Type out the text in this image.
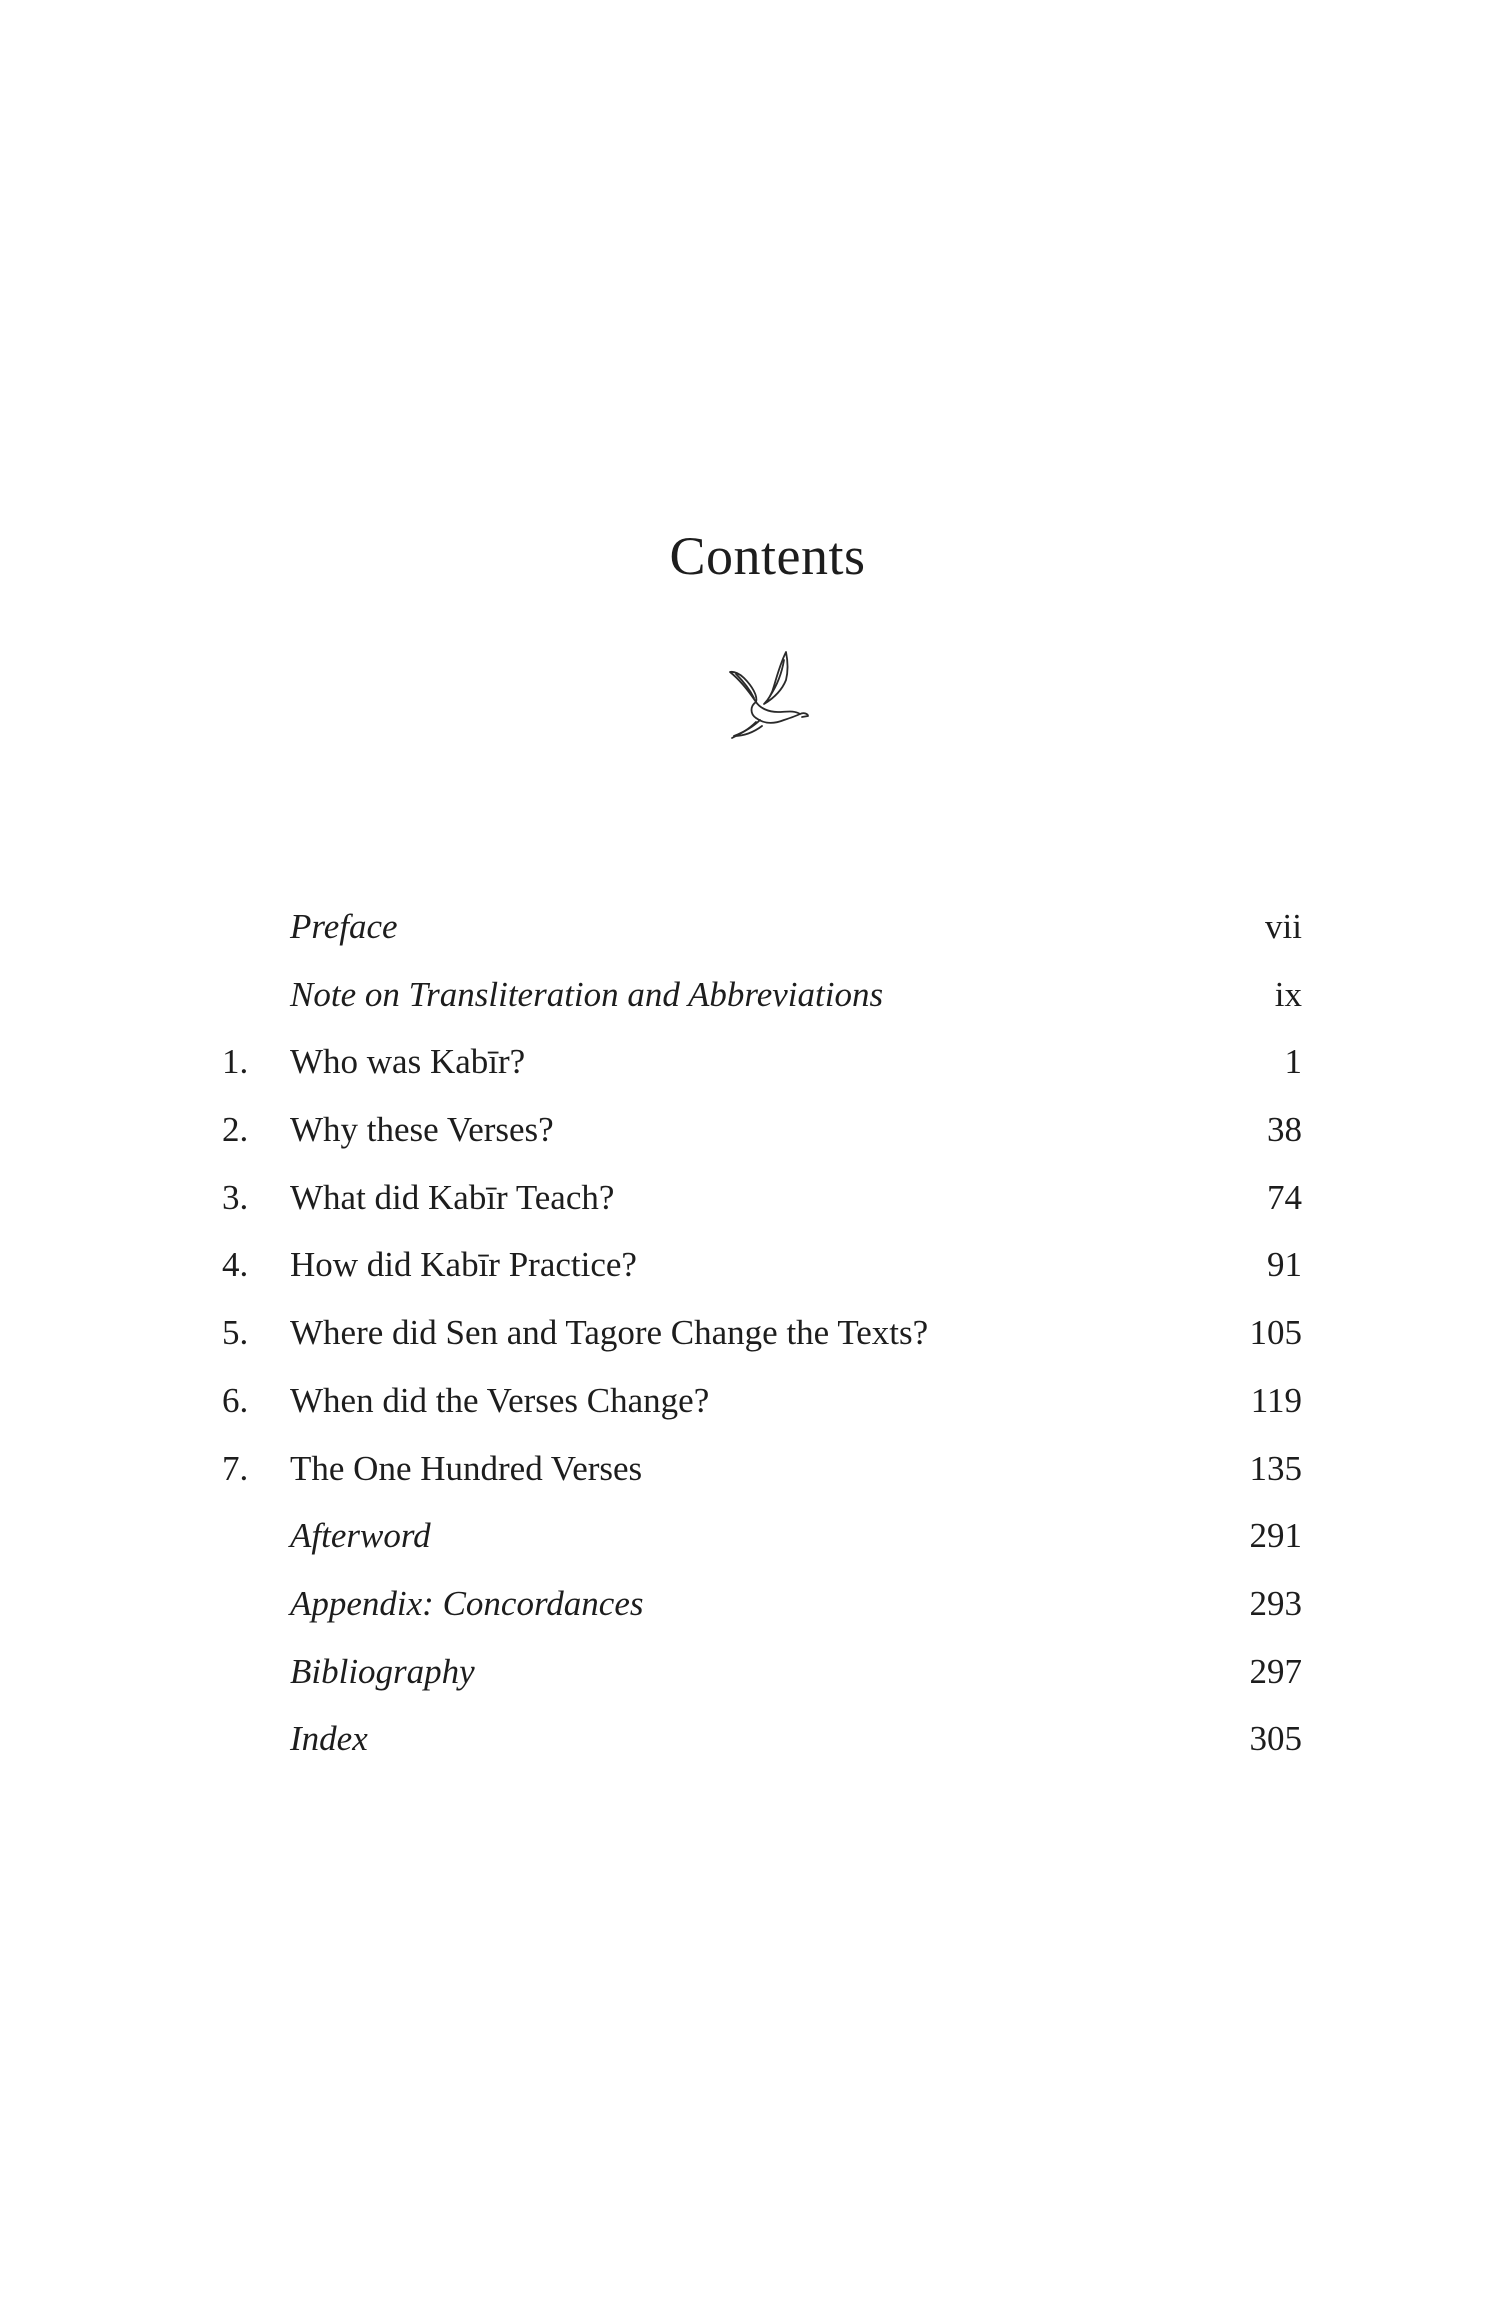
Contents
Preface	vii
Note on Transliteration and Abbreviations	ix
1. Who was Kabīr?	1
2. Why these Verses?	38
3. What did Kabīr Teach?	74
4. How did Kabīr Practice?	91
5. Where did Sen and Tagore Change the Texts?	105
6. When did the Verses Change?	119
7. The One Hundred Verses	135
Afterword	291
Appendix: Concordances	293
Bibliography	297
Index	305
